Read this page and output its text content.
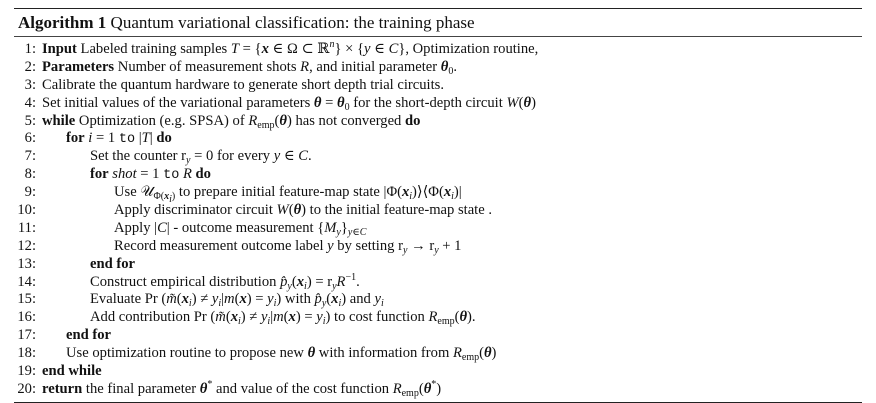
Algorithm 1 Quantum variational classification: the training phase
1: Input Labeled training samples T = {x ∈ Ω ⊂ ℝ$^n$} × {y ∈ C}, Optimization routine,
2: Parameters Number of measurement shots R, and initial parameter $\theta_0$.
3: Calibrate the quantum hardware to generate short depth trial circuits.
4: Set initial values of the variational parameters $\theta = \theta_0$ for the short-depth circuit W(θ)
5: while Optimization (e.g. SPSA) of $R_{emp}(\theta)$ has not converged do
6:	for i = 1 to |T| do
7:	Set the counter $r_y = 0$ for every y ∈ C.
8:	for shot = 1 to R do
9:	Use 𝒰$_{\Phi(x_i)}$ to prepare initial feature-map state $|\Phi(x_i)⟩⟨\Phi(x_i)|$
10:	Apply discriminator circuit W(θ) to the initial feature-map state .
11:	Apply |C| - outcome measurement $\{M_y\}_{y\in C}$
12:	Record measurement outcome label y by setting $r_y \to r_y + 1$
13:	end for
14:	Construct empirical distribution $p̂_y(x_i) = r_yR^{-1}$.
15:	Evaluate Pr $(m̃(x_i) \ne y_i|m(x) = y_i)$ with $p̂_y(x_i)$ and $y_i$
16:	Add contribution Pr $(m̃(x_i) \ne y_i|m(x) = y_i)$ to cost function $R_{emp}(\theta)$.
17:	end for
18:	Use optimization routine to propose new θ with information from $R_{emp}(\theta)$
19: end while
20: return the final parameter θ* and value of the cost function $R_{emp}(\theta^*)$
